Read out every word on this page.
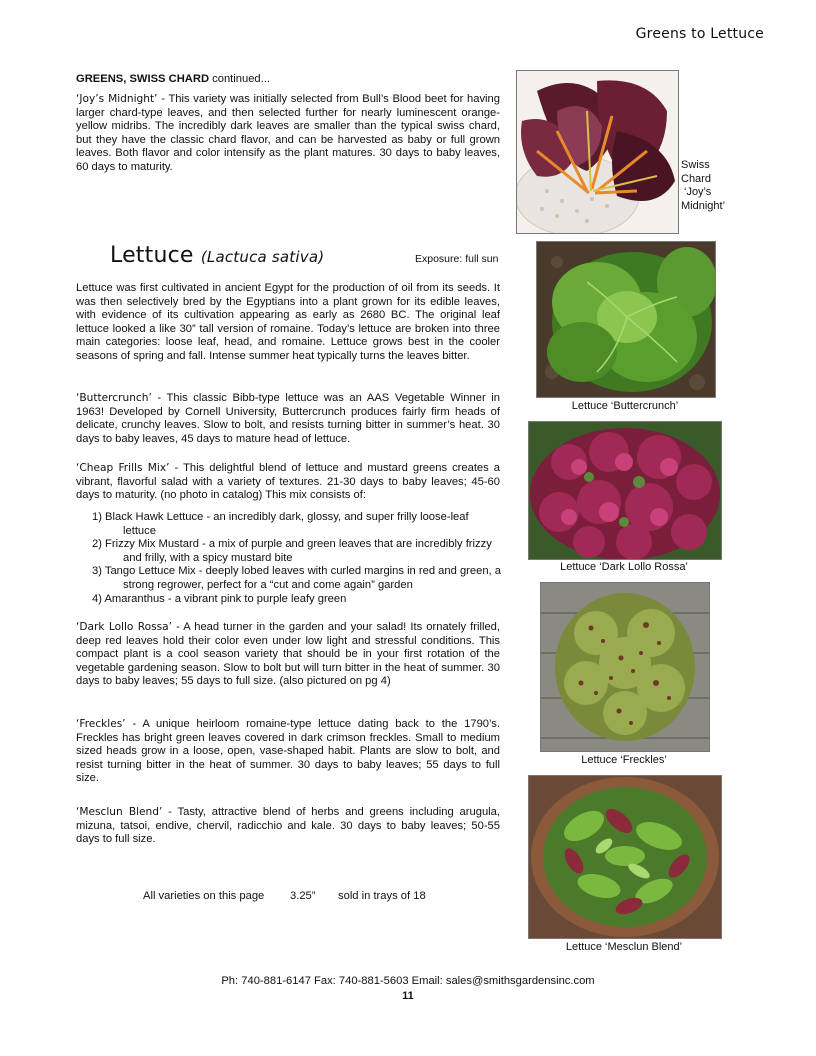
Greens to Lettuce

GREENS, SWISS CHARD continued...

‘Joy’s Midnight’ - This variety was initially selected from Bull’s Blood beet for having larger chard-type leaves, and then selected further for nearly luminescent orange-yellow midribs. The incredibly dark leaves are smaller than the typical swiss chard, but they have the classic chard flavor, and can be harvested as baby or full grown leaves. Both flavor and color intensify as the plant matures. 30 days to baby leaves, 60 days to maturity.	Swiss
Chard
‘Joy’s
Midnight’
Lettuce (Lactuca sativa)	Exposure: full sun

Lettuce was first cultivated in ancient Egypt for the production of oil from its seeds. It was then selectively bred by the Egyptians into a plant grown for its edible leaves, with evidence of its cultivation appearing as early as 2680 BC. The original leaf lettuce looked a like 30” tall version of romaine. Today’s lettuce are broken into three main categories: loose leaf, head, and romaine. Lettuce grows best in the cooler seasons of spring and fall. Intense summer heat typically turns the leaves bitter.

‘Buttercrunch’ - This classic Bibb-type lettuce was an AAS Vegetable Winner in 1963! Developed by Cornell University, Buttercrunch produces fairly firm heads of delicate, crunchy leaves. Slow to bolt, and resists turning bitter in summer’s heat. 30 days to baby leaves, 45 days to mature head of lettuce.

‘Cheap Frills Mix’ - This delightful blend of lettuce and mustard greens creates a vibrant, flavorful salad with a variety of textures. 21-30 days to baby leaves; 45-60 days to maturity. (no photo in catalog) This mix consists of:

1) Black Hawk Lettuce - an incredibly dark, glossy, and super frilly loose-leaf lettuce
2) Frizzy Mix Mustard - a mix of purple and green leaves that are incredibly frizzy and frilly, with a spicy mustard bite
3) Tango Lettuce Mix - deeply lobed leaves with curled margins in red and green, a strong regrower, perfect for a “cut and come again” garden
4) Amaranthus - a vibrant pink to purple leafy green

‘Dark Lollo Rossa’ - A head turner in the garden and your salad! Its ornately frilled, deep red leaves hold their color even under low light and stressful conditions. This compact plant is a cool season variety that should be in your first rotation of the vegetable gardening season. Slow to bolt but will turn bitter in the heat of summer. 30 days to baby leaves; 55 days to full size. (also pictured on pg 4)

‘Freckles’ - A unique heirloom romaine-type lettuce dating back to the 1790’s. Freckles has bright green leaves covered in dark crimson freckles. Small to medium sized heads grow in a loose, open, vase-shaped habit. Plants are slow to bolt, and resist turning bitter in the heat of summer. 30 days to baby leaves; 55 days to full size.

‘Mesclun Blend’ - Tasty, attractive blend of herbs and greens including arugula, mizuna, tatsoi, endive, chervil, radicchio and kale. 30 days to baby leaves; 50-55 days to full size.

All varieties on this page 3.25” sold in trays of 18
Lettuce ‘Buttercrunch’
Lettuce ‘Dark Lollo Rossa’
Lettuce ‘Freckles’
Lettuce ‘Mesclun Blend’
Ph: 740-881-6147 Fax: 740-881-5603 Email: sales@smithsgardensinc.com
11
